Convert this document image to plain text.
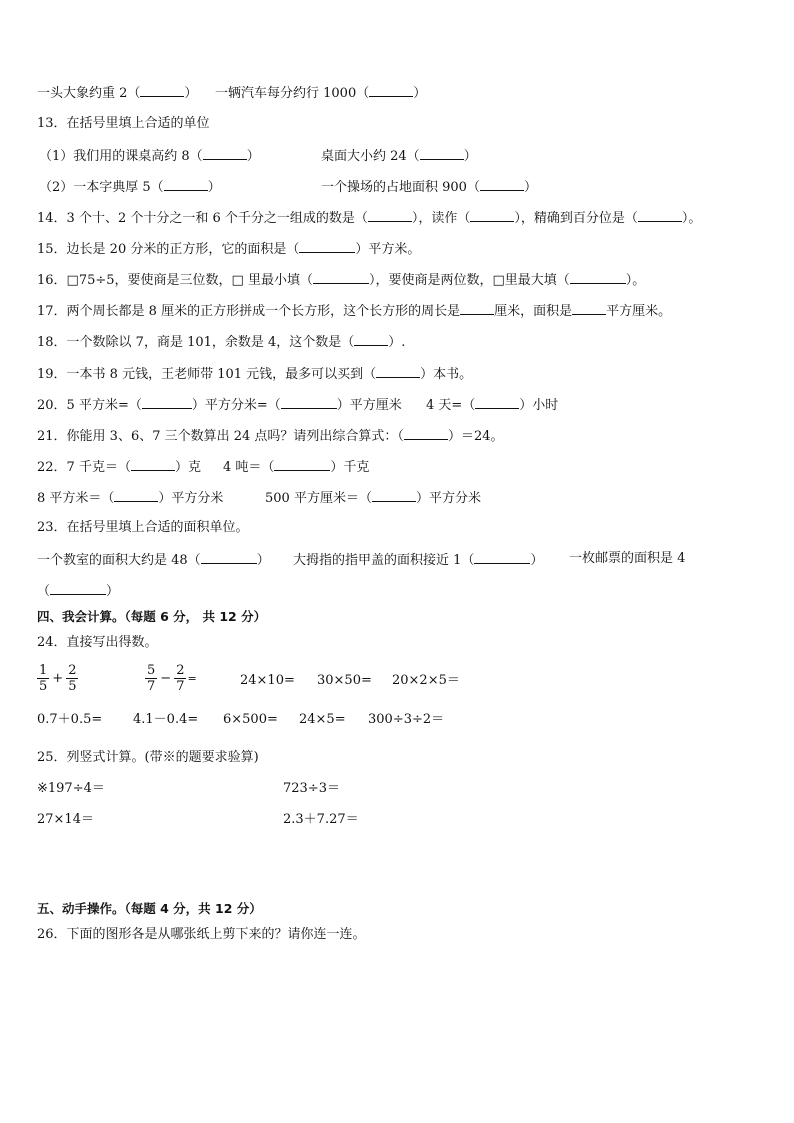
一头大象约重 2（	） 一辆汽车每分约行 1000（	）
13．在括号里填上合适的单位
（1）我们用的课桌高约 8（	）	桌面大小约 24（	）
（2）一本字典厚 5（	）	一个操场的占地面积 900（	）
14．3 个十、2 个十分之一和 6 个千分之一组成的数是（	），读作（	），精确到百分位是（	）。
15．边长是 20 分米的正方形，它的面积是（	）平方米。
16．□75÷5，要使商是三位数，□ 里最小填（	），要使商是两位数，□里最大填（	）。
17．两个周长都是 8 厘米的正方形拼成一个长方形，这个长方形的周长是	厘米，面积是	平方厘米。
18．一个数除以 7，商是 101，余数是 4，这个数是（	）.
19．一本书 8 元钱，王老师带 101 元钱，最多可以买到（	）本书。
20．5 平方米=（	）平方分米=（	）平方厘米 4 天=（	）小时
21．你能用 3、6、7 三个数算出 24 点吗？请列出综合算式：（	）＝24。
22．7 千克＝（	）克 4 吨＝（	）千克
8 平方米＝（	）平方分米	500 平方厘米＝（	）平方分米
23．在括号里填上合适的面积单位。
一个教室的面积大约是 48（	） 大拇指的指甲盖的面积接近 1（	） 一枚邮票的面积是 4
（	）
四、我会计算。（每题 6 分， 共 12 分）
24．直接写出得数。
0.7＋0.5= 4.1－0.4= 6×500= 24×5= 300÷3÷2＝
25．列竖式计算。(带※的题要求验算)
※197÷4＝	723÷3＝
27×14＝	2.3＋7.27＝
五、动手操作。（每题 4 分，共 12 分）
26．下面的图形各是从哪张纸上剪下来的？请你连一连。
$\frac{1}{5} + \frac{2}{5}$	$\frac{5}{7} - \frac{2}{7}$ =	24×10= 30×50= 20×2×5＝
